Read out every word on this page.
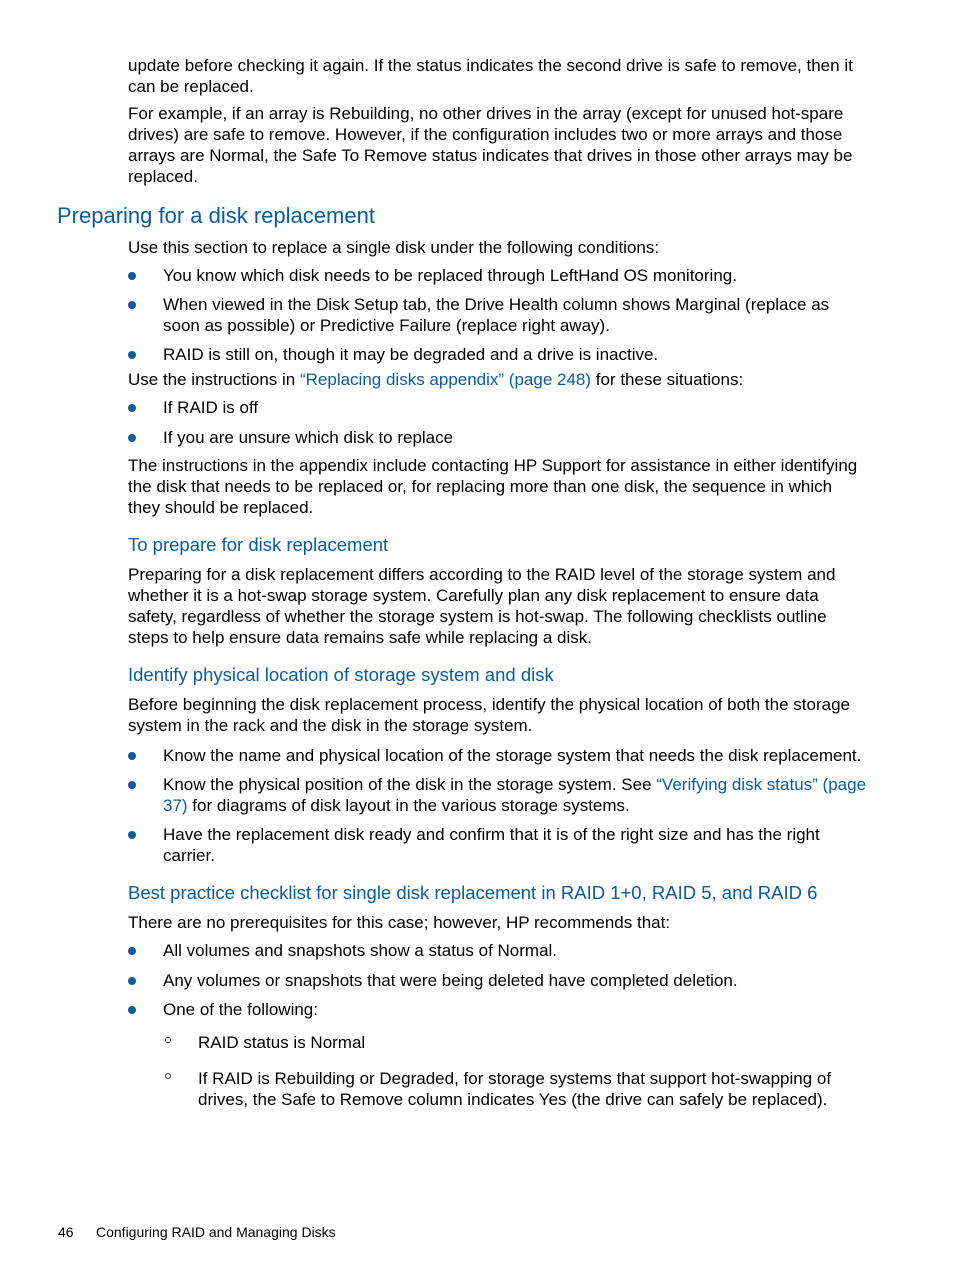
update before checking it again. If the status indicates the second drive is safe to remove, then it can be replaced.

For example, if an array is Rebuilding, no other drives in the array (except for unused hot-spare drives) are safe to remove. However, if the configuration includes two or more arrays and those arrays are Normal, the Safe To Remove status indicates that drives in those other arrays may be replaced.

Preparing for a disk replacement

Use this section to replace a single disk under the following conditions:

You know which disk needs to be replaced through LeftHand OS monitoring.

When viewed in the Disk Setup tab, the Drive Health column shows Marginal (replace as soon as possible) or Predictive Failure (replace right away).

RAID is still on, though it may be degraded and a drive is inactive.

Use the instructions in “Replacing disks appendix” (page 248) for these situations:

If RAID is off

If you are unsure which disk to replace

The instructions in the appendix include contacting HP Support for assistance in either identifying the disk that needs to be replaced or, for replacing more than one disk, the sequence in which they should be replaced.

To prepare for disk replacement

Preparing for a disk replacement differs according to the RAID level of the storage system and whether it is a hot-swap storage system. Carefully plan any disk replacement to ensure data safety, regardless of whether the storage system is hot-swap. The following checklists outline steps to help ensure data remains safe while replacing a disk.

Identify physical location of storage system and disk

Before beginning the disk replacement process, identify the physical location of both the storage system in the rack and the disk in the storage system.

Know the name and physical location of the storage system that needs the disk replacement.

Know the physical position of the disk in the storage system. See “Verifying disk status” (page 37) for diagrams of disk layout in the various storage systems.

Have the replacement disk ready and confirm that it is of the right size and has the right carrier.

Best practice checklist for single disk replacement in RAID 1+0, RAID 5, and RAID 6

There are no prerequisites for this case; however, HP recommends that:

All volumes and snapshots show a status of Normal.

Any volumes or snapshots that were being deleted have completed deletion.

One of the following:

RAID status is Normal

If RAID is Rebuilding or Degraded, for storage systems that support hot-swapping of drives, the Safe to Remove column indicates Yes (the drive can safely be replaced).

46 Configuring RAID and Managing Disks
